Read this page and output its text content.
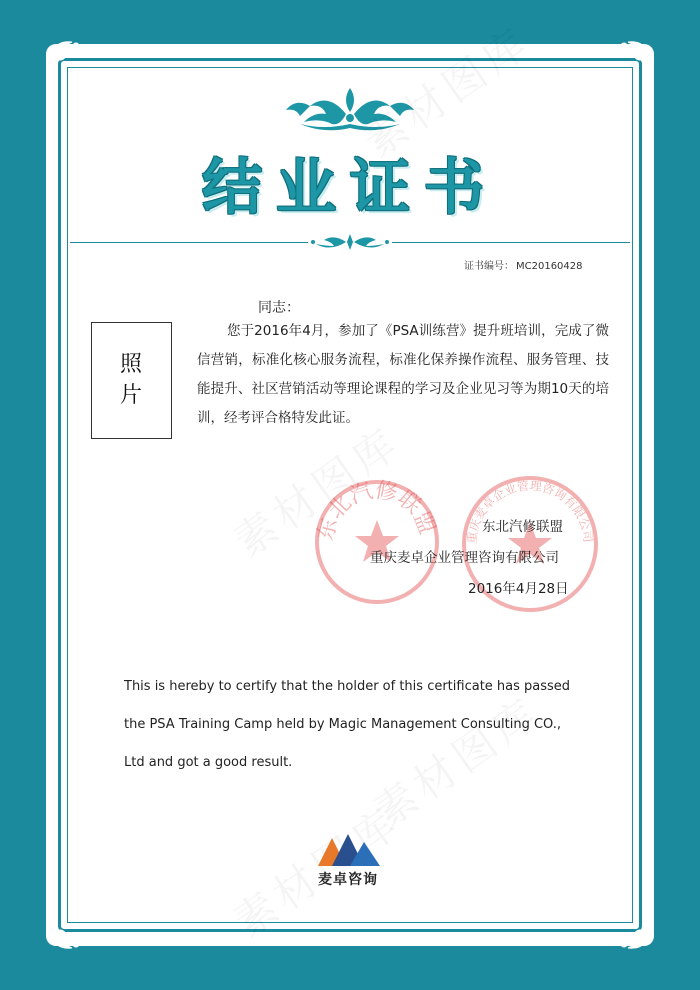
结业证书
证书编号： MC20160428
同志：
照片
您于2016年4月，参加了《PSA训练营》提升班培训，完成了微信营销，标准化核心服务流程，标准化保养操作流程、服务管理、技能提升、社区营销活动等理论课程的学习及企业见习等为期10天的培训，经考评合格特发此证。
东北汽修联盟 重庆麦卓企业管理咨询有限公司
东北汽修联盟
重庆麦卓企业管理咨询有限公司
2016年4月28日
This is hereby to certify that the holder of this certificate has passed
the PSA Training Camp held by Magic Management Consulting CO.,
Ltd and got a good result.
麦卓咨询
